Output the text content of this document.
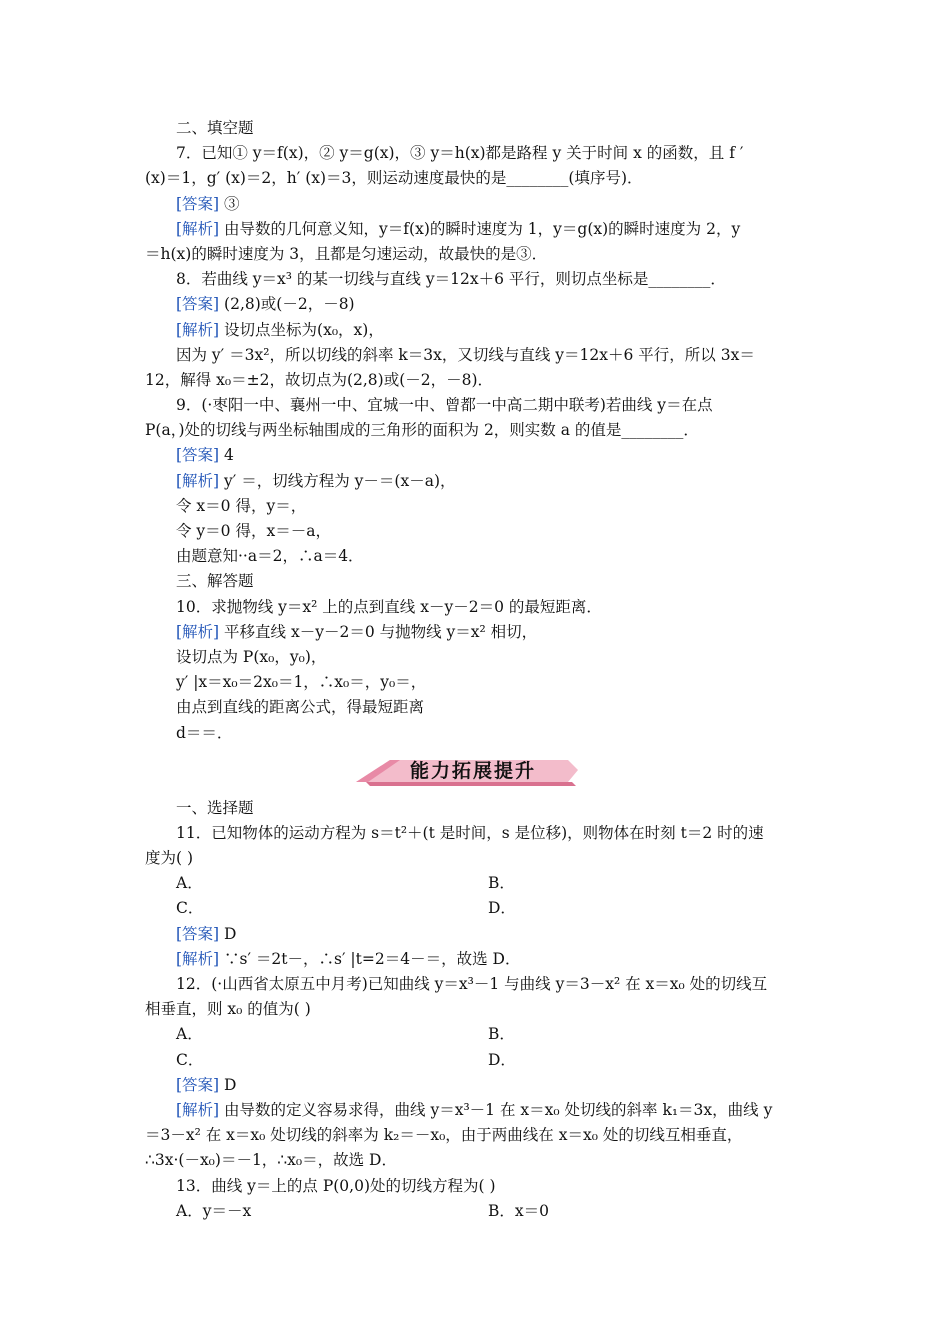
二、填空题
7．已知① y＝f(x)，② y＝g(x)，③ y＝h(x)都是路程 y 关于时间 x 的函数，且 f ′
(x)＝1，g′ (x)＝2，h′ (x)＝3，则运动速度最快的是________(填序号)．
[答案] ③
[解析] 由导数的几何意义知，y＝f(x)的瞬时速度为 1，y＝g(x)的瞬时速度为 2，y
＝h(x)的瞬时速度为 3，且都是匀速运动，故最快的是③．
8．若曲线 y＝x³ 的某一切线与直线 y＝12x＋6 平行，则切点坐标是________．
[答案] (2,8)或(－2，－8)
[解析] 设切点坐标为(x₀，x)，
因为 y′ ＝3x²，所以切线的斜率 k＝3x，又切线与直线 y＝12x＋6 平行，所以 3x＝
12，解得 x₀＝±2，故切点为(2,8)或(－2，－8)．
9．(·枣阳一中、襄州一中、宜城一中、曾都一中高二期中联考)若曲线 y＝在点
P(a，)处的切线与两坐标轴围成的三角形的面积为 2，则实数 a 的值是________．
[答案] 4
[解析] y′ ＝，切线方程为 y－＝(x－a)，
令 x＝0 得，y＝，
令 y＝0 得，x＝－a，
由题意知··a＝2，∴a＝4．
三、解答题
10．求抛物线 y＝x² 上的点到直线 x－y－2＝0 的最短距离．
[解析] 平移直线 x－y－2＝0 与抛物线 y＝x² 相切，
设切点为 P(x₀，y₀)，
y′ |x＝x₀＝2x₀＝1，∴x₀＝，y₀＝，
由点到直线的距离公式，得最短距离
d＝＝．
能力拓展提升
一、选择题
11．已知物体的运动方程为 s＝t²＋(t 是时间，s 是位移)，则物体在时刻 t＝2 时的速
度为( )
A．	B．
C．	D．
[答案] D
[解析] ∵s′ ＝2t－，∴s′ |t=2＝4－＝，故选 D．
12．(·山西省太原五中月考)已知曲线 y＝x³－1 与曲线 y＝3－x² 在 x＝x₀ 处的切线互
相垂直，则 x₀ 的值为( )
A．	B．
C．	D．
[答案] D
[解析] 由导数的定义容易求得，曲线 y＝x³－1 在 x＝x₀ 处切线的斜率 k₁＝3x，曲线 y
＝3－x² 在 x＝x₀ 处切线的斜率为 k₂＝－x₀，由于两曲线在 x＝x₀ 处的切线互相垂直，
∴3x·(－x₀)＝－1，∴x₀＝，故选 D．
13．曲线 y＝上的点 P(0,0)处的切线方程为( )
A．y＝－x	B．x＝0
